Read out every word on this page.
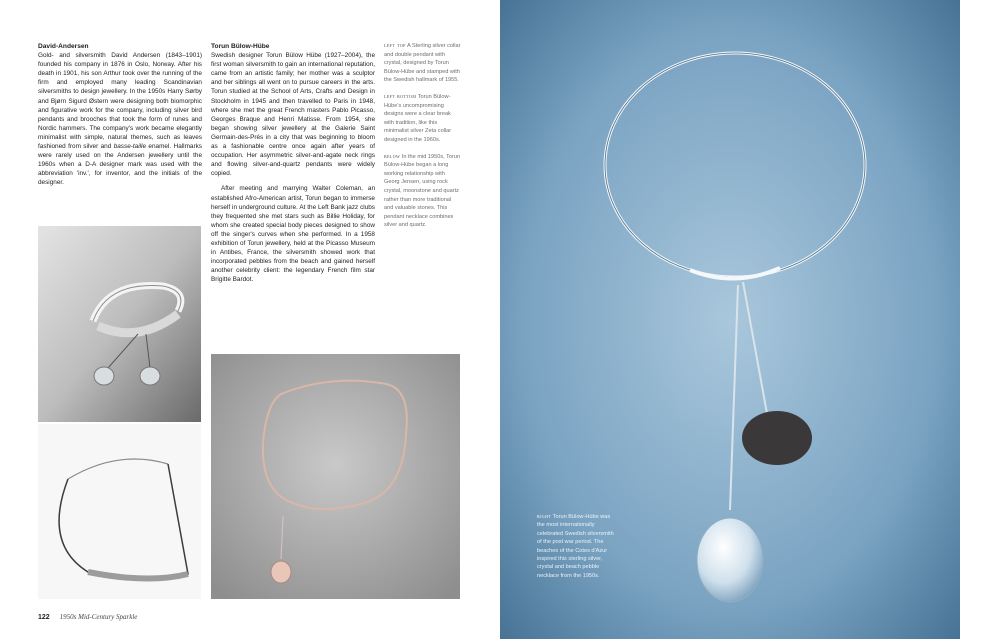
David-Andersen

Gold- and silversmith David Andersen (1843–1901) founded his company in 1876 in Oslo, Norway. After his death in 1901, his son Arthur took over the running of the firm and employed many leading Scandinavian silversmiths to design jewellery. In the 1950s Harry Sørby and Bjørn Sigurd Østern were designing both biomorphic and figurative work for the company, including silver bird pendants and brooches that took the form of runes and Nordic hammers. The company's work became elegantly minimalist with simple, natural themes, such as leaves fashioned from silver and basse-taille enamel. Hallmarks were rarely used on the Andersen jewellery until the 1960s when a D-A designer mark was used with the abbreviation 'inv.', for inventor, and the initials of the designer.

Torun Bülow-Hübe

Swedish designer Torun Bülow Hübe (1927–2004), the first woman silversmith to gain an international reputation, came from an artistic family; her mother was a sculptor and her siblings all went on to pursue careers in the arts. Torun studied at the School of Arts, Crafts and Design in Stockholm in 1945 and then travelled to Paris in 1948, where she met the great French masters Pablo Picasso, Georges Braque and Henri Matisse. From 1954, she began showing silver jewellery at the Galerie Saint Germain-des-Prés in a city that was beginning to bloom as a fashionable centre once again after years of occupation. Her asymmetric silver-and-agate neck rings and flowing silver-and-quartz pendants were widely copied.

After meeting and marrying Walter Coleman, an established Afro-American artist, Torun began to immerse herself in underground culture. At the Left Bank jazz clubs they frequented she met stars such as Billie Holiday, for whom she created special body pieces designed to show off the singer's curves when she performed. In a 1958 exhibition of Torun jewellery, held at the Picasso Museum in Antibes, France, the silversmith showed work that incorporated pebbles from the beach and gained herself another celebrity client: the legendary French film star Brigitte Bardot.

left top A Sterling silver collar and double pendant with crystal, designed by Torun Bülow-Hübe and stamped with the Swedish hallmark of 1955.

left bottom Torun Bülow-Hübe's uncompromising designs were a clear break with tradition, like this minimalist silver Zeta collar designed in the 1960s.

below In the mid 1950s, Torun Bülow-Hübe began a long working relationship with Georg Jensen, using rock crystal, moonstone and quartz rather than more traditional and valuable stones. This pendant necklace combines silver and quartz.

right Torun Bülow-Hübe was the most internationally celebrated Swedish silversmith of the post war period. The beaches of the Cotes d'Azur inspired this sterling silver, crystal and beach pebble necklace from the 1950s.
122 1950s Mid-Century Sparkle
